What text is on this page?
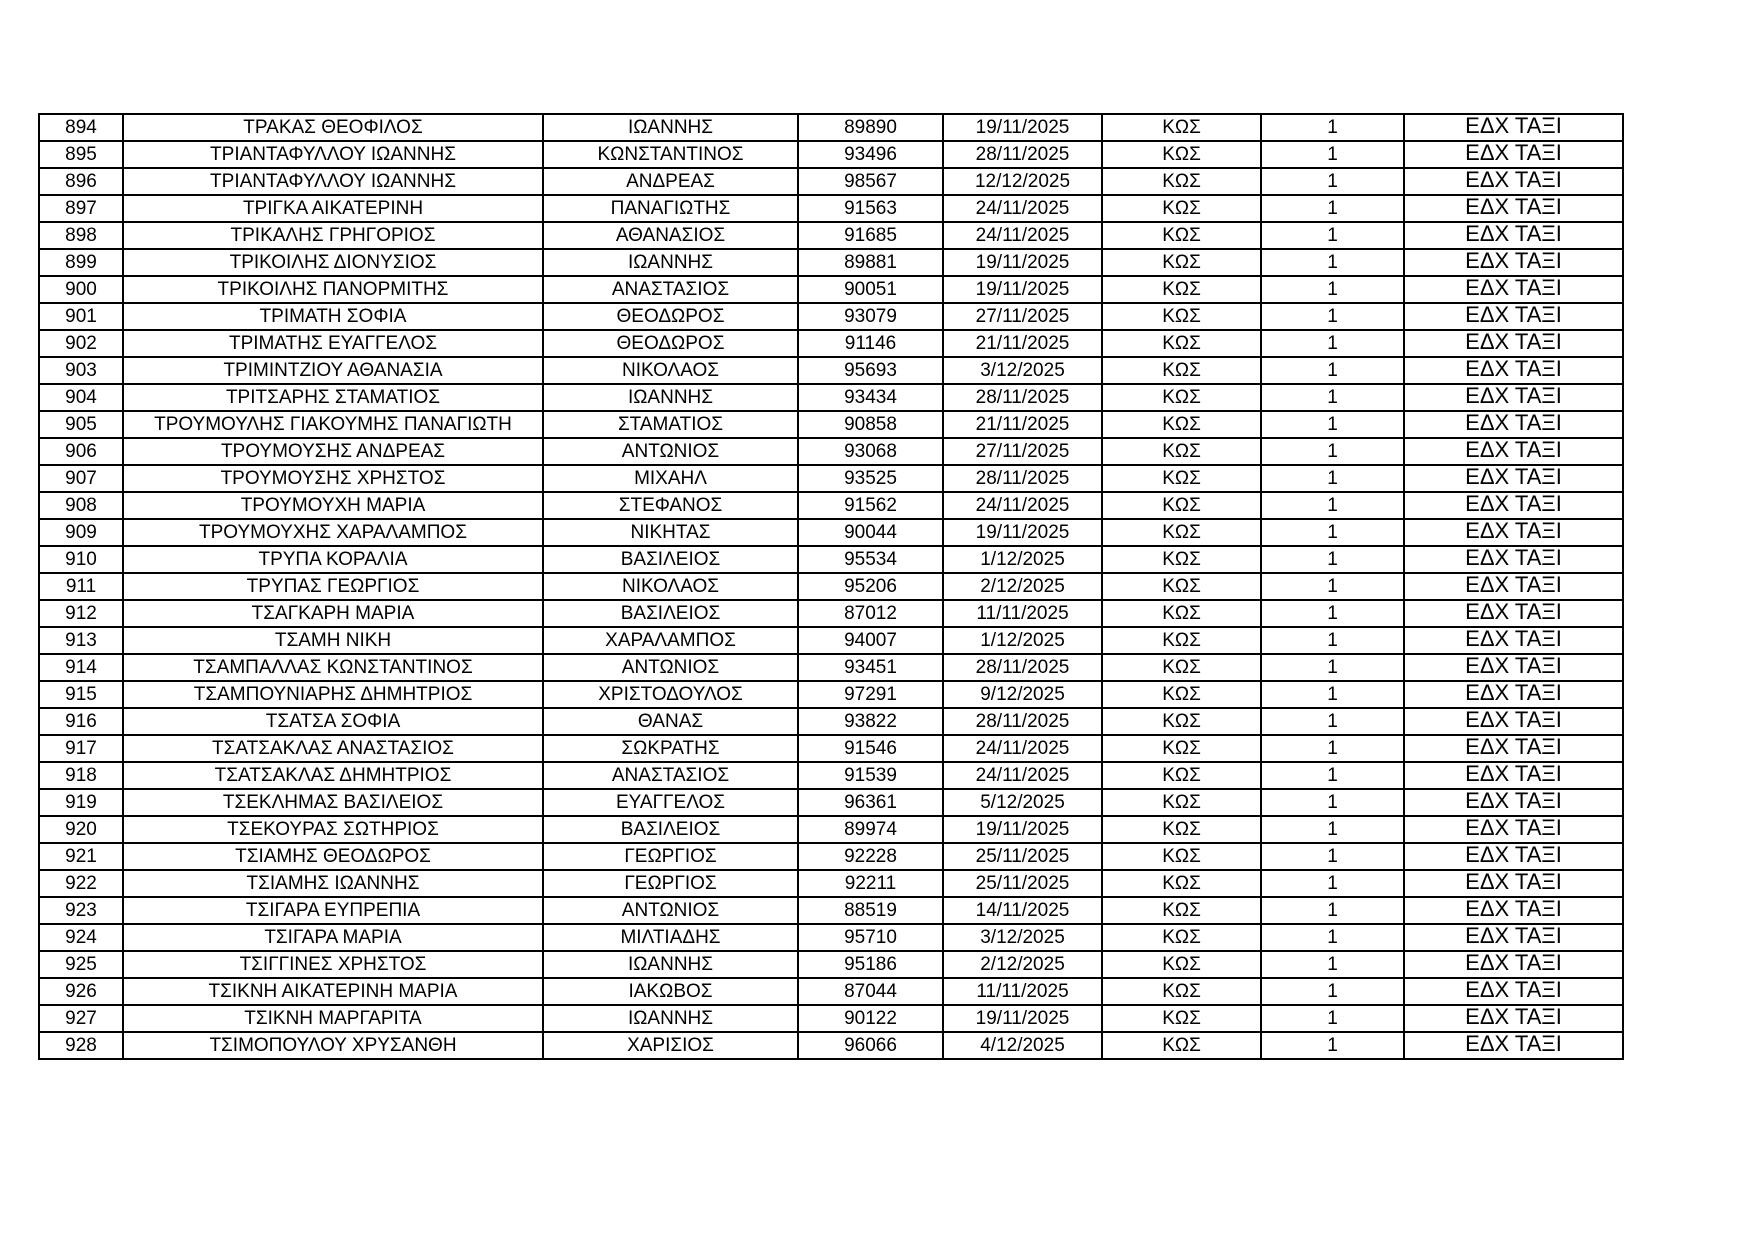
894	ΤΡΑΚΑΣ ΘΕΟΦΙΛΟΣ	ΙΩΑΝΝΗΣ	89890	19/11/2025	ΚΩΣ	1	ΕΔΧ ΤΑΞΙ
895	ΤΡΙΑΝΤΑΦΥΛΛΟΥ ΙΩΑΝΝΗΣ	ΚΩΝΣΤΑΝΤΙΝΟΣ	93496	28/11/2025	ΚΩΣ	1	ΕΔΧ ΤΑΞΙ
896	ΤΡΙΑΝΤΑΦΥΛΛΟΥ ΙΩΑΝΝΗΣ	ΑΝΔΡΕΑΣ	98567	12/12/2025	ΚΩΣ	1	ΕΔΧ ΤΑΞΙ
897	ΤΡΙΓΚΑ ΑΙΚΑΤΕΡΙΝΗ	ΠΑΝΑΓΙΩΤΗΣ	91563	24/11/2025	ΚΩΣ	1	ΕΔΧ ΤΑΞΙ
898	ΤΡΙΚΑΛΗΣ ΓΡΗΓΟΡΙΟΣ	ΑΘΑΝΑΣΙΟΣ	91685	24/11/2025	ΚΩΣ	1	ΕΔΧ ΤΑΞΙ
899	ΤΡΙΚΟΙΛΗΣ ΔΙΟΝΥΣΙΟΣ	ΙΩΑΝΝΗΣ	89881	19/11/2025	ΚΩΣ	1	ΕΔΧ ΤΑΞΙ
900	ΤΡΙΚΟΙΛΗΣ ΠΑΝΟΡΜΙΤΗΣ	ΑΝΑΣΤΑΣΙΟΣ	90051	19/11/2025	ΚΩΣ	1	ΕΔΧ ΤΑΞΙ
901	ΤΡΙΜΑΤΗ ΣΟΦΙΑ	ΘΕΟΔΩΡΟΣ	93079	27/11/2025	ΚΩΣ	1	ΕΔΧ ΤΑΞΙ
902	ΤΡΙΜΑΤΗΣ ΕΥΑΓΓΕΛΟΣ	ΘΕΟΔΩΡΟΣ	91146	21/11/2025	ΚΩΣ	1	ΕΔΧ ΤΑΞΙ
903	ΤΡΙΜΙΝΤΖΙΟΥ ΑΘΑΝΑΣΙΑ	ΝΙΚΟΛΑΟΣ	95693	3/12/2025	ΚΩΣ	1	ΕΔΧ ΤΑΞΙ
904	ΤΡΙΤΣΑΡΗΣ ΣΤΑΜΑΤΙΟΣ	ΙΩΑΝΝΗΣ	93434	28/11/2025	ΚΩΣ	1	ΕΔΧ ΤΑΞΙ
905	ΤΡΟΥΜΟΥΛΗΣ ΓΙΑΚΟΥΜΗΣ ΠΑΝΑΓΙΩΤΗ	ΣΤΑΜΑΤΙΟΣ	90858	21/11/2025	ΚΩΣ	1	ΕΔΧ ΤΑΞΙ
906	ΤΡΟΥΜΟΥΣΗΣ ΑΝΔΡΕΑΣ	ΑΝΤΩΝΙΟΣ	93068	27/11/2025	ΚΩΣ	1	ΕΔΧ ΤΑΞΙ
907	ΤΡΟΥΜΟΥΣΗΣ ΧΡΗΣΤΟΣ	ΜΙΧΑΗΛ	93525	28/11/2025	ΚΩΣ	1	ΕΔΧ ΤΑΞΙ
908	ΤΡΟΥΜΟΥΧΗ ΜΑΡΙΑ	ΣΤΕΦΑΝΟΣ	91562	24/11/2025	ΚΩΣ	1	ΕΔΧ ΤΑΞΙ
909	ΤΡΟΥΜΟΥΧΗΣ ΧΑΡΑΛΑΜΠΟΣ	ΝΙΚΗΤΑΣ	90044	19/11/2025	ΚΩΣ	1	ΕΔΧ ΤΑΞΙ
910	ΤΡΥΠΑ ΚΟΡΑΛΙΑ	ΒΑΣΙΛΕΙΟΣ	95534	1/12/2025	ΚΩΣ	1	ΕΔΧ ΤΑΞΙ
911	ΤΡΥΠΑΣ ΓΕΩΡΓΙΟΣ	ΝΙΚΟΛΑΟΣ	95206	2/12/2025	ΚΩΣ	1	ΕΔΧ ΤΑΞΙ
912	ΤΣΑΓΚΑΡΗ ΜΑΡΙΑ	ΒΑΣΙΛΕΙΟΣ	87012	11/11/2025	ΚΩΣ	1	ΕΔΧ ΤΑΞΙ
913	ΤΣΑΜΗ ΝΙΚΗ	ΧΑΡΑΛΑΜΠΟΣ	94007	1/12/2025	ΚΩΣ	1	ΕΔΧ ΤΑΞΙ
914	ΤΣΑΜΠΑΛΛΑΣ ΚΩΝΣΤΑΝΤΙΝΟΣ	ΑΝΤΩΝΙΟΣ	93451	28/11/2025	ΚΩΣ	1	ΕΔΧ ΤΑΞΙ
915	ΤΣΑΜΠΟΥΝΙΑΡΗΣ ΔΗΜΗΤΡΙΟΣ	ΧΡΙΣΤΟΔΟΥΛΟΣ	97291	9/12/2025	ΚΩΣ	1	ΕΔΧ ΤΑΞΙ
916	ΤΣΑΤΣΑ ΣΟΦΙΑ	ΘΑΝΑΣ	93822	28/11/2025	ΚΩΣ	1	ΕΔΧ ΤΑΞΙ
917	ΤΣΑΤΣΑΚΛΑΣ ΑΝΑΣΤΑΣΙΟΣ	ΣΩΚΡΑΤΗΣ	91546	24/11/2025	ΚΩΣ	1	ΕΔΧ ΤΑΞΙ
918	ΤΣΑΤΣΑΚΛΑΣ ΔΗΜΗΤΡΙΟΣ	ΑΝΑΣΤΑΣΙΟΣ	91539	24/11/2025	ΚΩΣ	1	ΕΔΧ ΤΑΞΙ
919	ΤΣΕΚΛΗΜΑΣ ΒΑΣΙΛΕΙΟΣ	ΕΥΑΓΓΕΛΟΣ	96361	5/12/2025	ΚΩΣ	1	ΕΔΧ ΤΑΞΙ
920	ΤΣΕΚΟΥΡΑΣ ΣΩΤΗΡΙΟΣ	ΒΑΣΙΛΕΙΟΣ	89974	19/11/2025	ΚΩΣ	1	ΕΔΧ ΤΑΞΙ
921	ΤΣΙΑΜΗΣ ΘΕΟΔΩΡΟΣ	ΓΕΩΡΓΙΟΣ	92228	25/11/2025	ΚΩΣ	1	ΕΔΧ ΤΑΞΙ
922	ΤΣΙΑΜΗΣ ΙΩΑΝΝΗΣ	ΓΕΩΡΓΙΟΣ	92211	25/11/2025	ΚΩΣ	1	ΕΔΧ ΤΑΞΙ
923	ΤΣΙΓΑΡΑ ΕΥΠΡΕΠΙΑ	ΑΝΤΩΝΙΟΣ	88519	14/11/2025	ΚΩΣ	1	ΕΔΧ ΤΑΞΙ
924	ΤΣΙΓΑΡΑ ΜΑΡΙΑ	ΜΙΛΤΙΑΔΗΣ	95710	3/12/2025	ΚΩΣ	1	ΕΔΧ ΤΑΞΙ
925	ΤΣΙΓΓΙΝΕΣ ΧΡΗΣΤΟΣ	ΙΩΑΝΝΗΣ	95186	2/12/2025	ΚΩΣ	1	ΕΔΧ ΤΑΞΙ
926	ΤΣΙΚΝΗ ΑΙΚΑΤΕΡΙΝΗ ΜΑΡΙΑ	ΙΑΚΩΒΟΣ	87044	11/11/2025	ΚΩΣ	1	ΕΔΧ ΤΑΞΙ
927	ΤΣΙΚΝΗ ΜΑΡΓΑΡΙΤΑ	ΙΩΑΝΝΗΣ	90122	19/11/2025	ΚΩΣ	1	ΕΔΧ ΤΑΞΙ
928	ΤΣΙΜΟΠΟΥΛΟΥ ΧΡΥΣΑΝΘΗ	ΧΑΡΙΣΙΟΣ	96066	4/12/2025	ΚΩΣ	1	ΕΔΧ ΤΑΞΙ
